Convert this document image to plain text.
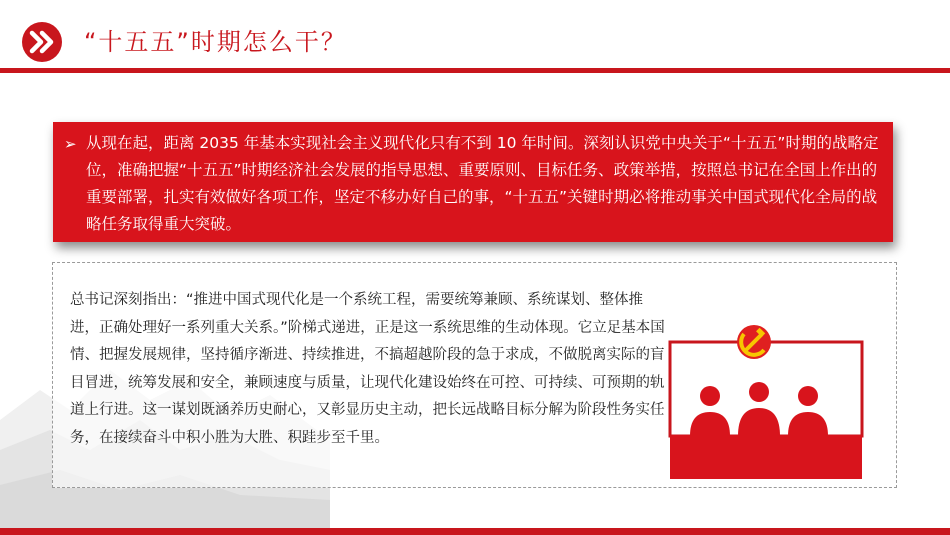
“十五五”时期怎么干？
➢ 从现在起，距离 2035 年基本实现社会主义现代化只有不到 10 年时间。深刻认识党中央关于“十五五”时期的战略定位，准确把握“十五五”时期经济社会发展的指导思想、重要原则、目标任务、政策举措，按照总书记在全国上作出的重要部署，扎实有效做好各项工作，坚定不移办好自己的事，“十五五”关键时期必将推动事关中国式现代化全局的战略任务取得重大突破。
总书记深刻指出：“推进中国式现代化是一个系统工程，需要统筹兼顾、系统谋划、整体推进，正确处理好一系列重大关系。”阶梯式递进，正是这一系统思维的生动体现。它立足基本国情、把握发展规律，坚持循序渐进、持续推进，不搞超越阶段的急于求成，不做脱离实际的盲目冒进，统筹发展和安全，兼顾速度与质量，让现代化建设始终在可控、可持续、可预期的轨道上行进。这一谋划既涵养历史耐心，又彰显历史主动，把长远战略目标分解为阶段性务实任务，在接续奋斗中积小胜为大胜、积跬步至千里。
